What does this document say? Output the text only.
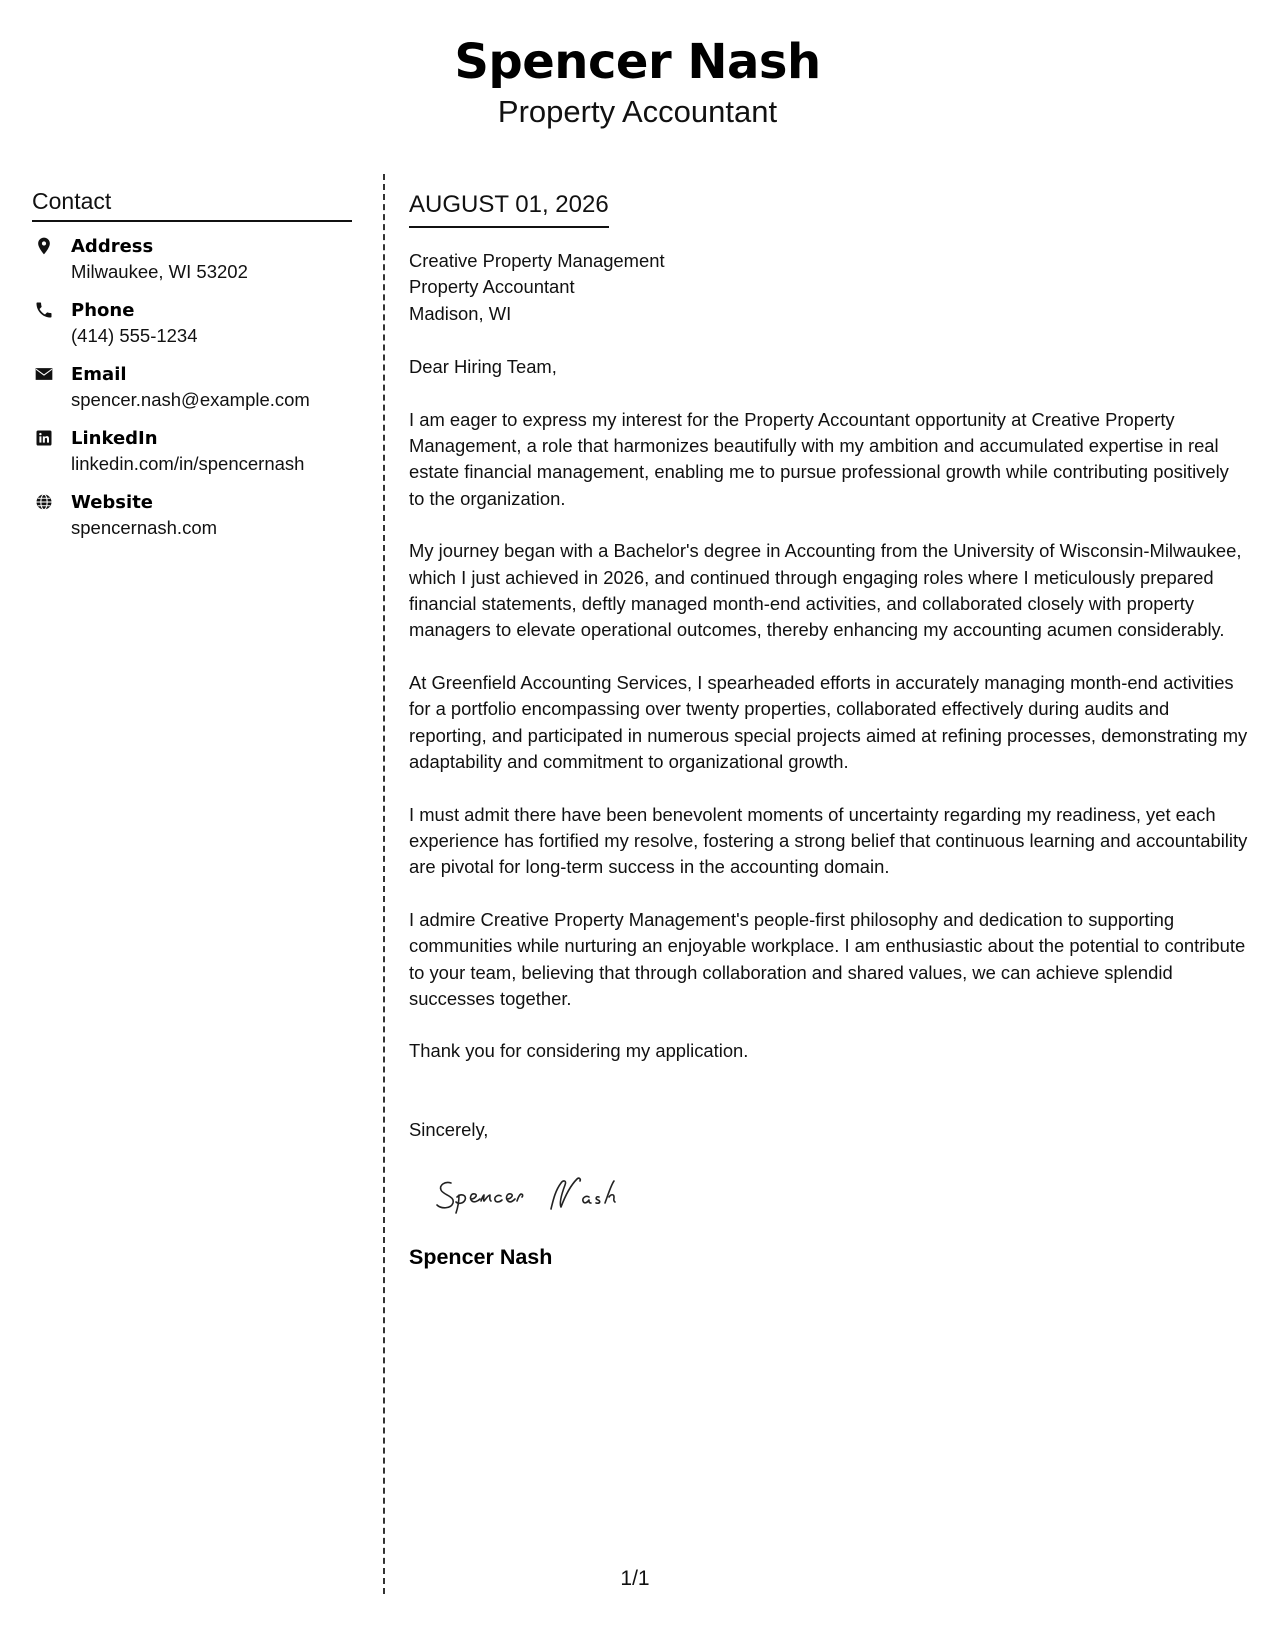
Spencer Nash
Property Accountant
Contact
Address
Milwaukee, WI 53202
Phone
(414) 555-1234
Email
spencer.nash@example.com
LinkedIn
linkedin.com/in/spencernash
Website
spencernash.com
AUGUST 01, 2026
Creative Property Management
Property Accountant
Madison, WI
Dear Hiring Team,

I am eager to express my interest for the Property Accountant opportunity at Creative Property Management, a role that harmonizes beautifully with my ambition and accumulated expertise in real estate financial management, enabling me to pursue professional growth while contributing positively to the organization.

My journey began with a Bachelor's degree in Accounting from the University of Wisconsin-Milwaukee, which I just achieved in 2026, and continued through engaging roles where I meticulously prepared financial statements, deftly managed month-end activities, and collaborated closely with property managers to elevate operational outcomes, thereby enhancing my accounting acumen considerably.

At Greenfield Accounting Services, I spearheaded efforts in accurately managing month-end activities for a portfolio encompassing over twenty properties, collaborated effectively during audits and reporting, and participated in numerous special projects aimed at refining processes, demonstrating my adaptability and commitment to organizational growth.

I must admit there have been benevolent moments of uncertainty regarding my readiness, yet each experience has fortified my resolve, fostering a strong belief that continuous learning and accountability are pivotal for long-term success in the accounting domain.

I admire Creative Property Management's people-first philosophy and dedication to supporting communities while nurturing an enjoyable workplace. I am enthusiastic about the potential to contribute to your team, believing that through collaboration and shared values, we can achieve splendid successes together.

Thank you for considering my application.

Sincerely,
Spencer Nash
1/1
